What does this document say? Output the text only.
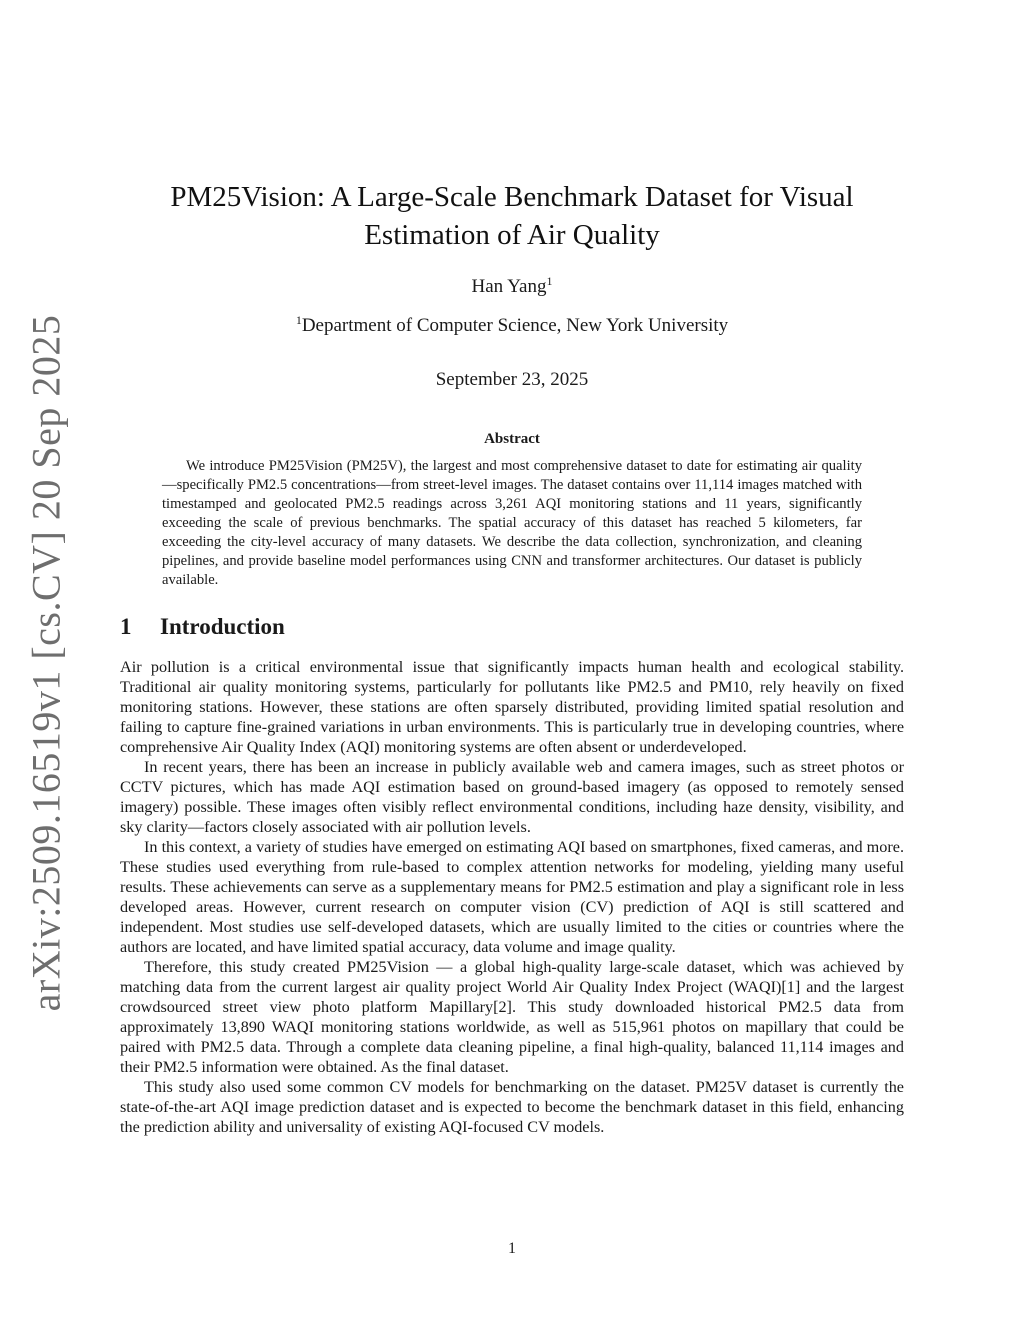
arXiv:2509.16519v1 [cs.CV] 20 Sep 2025
PM25Vision: A Large-Scale Benchmark Dataset for Visual
Estimation of Air Quality
Han Yang$^1$
$^1$Department of Computer Science, New York University
September 23, 2025
Abstract

We introduce PM25Vision (PM25V), the largest and most comprehensive dataset to date for estimating air quality—specifically PM2.5 concentrations—from street-level images. The dataset contains over 11,114 images matched with timestamped and geolocated PM2.5 readings across 3,261 AQI monitoring stations and 11 years, significantly exceeding the scale of previous benchmarks. The spatial accuracy of this dataset has reached 5 kilometers, far exceeding the city-level accuracy of many datasets. We describe the data collection, synchronization, and cleaning pipelines, and provide baseline model performances using CNN and transformer architectures. Our dataset is publicly available.

1 Introduction

Air pollution is a critical environmental issue that significantly impacts human health and ecological stability. Traditional air quality monitoring systems, particularly for pollutants like PM2.5 and PM10, rely heavily on fixed monitoring stations. However, these stations are often sparsely distributed, providing limited spatial resolution and failing to capture fine-grained variations in urban environments. This is particularly true in developing countries, where comprehensive Air Quality Index (AQI) monitoring systems are often absent or underdeveloped.

In recent years, there has been an increase in publicly available web and camera images, such as street photos or CCTV pictures, which has made AQI estimation based on ground-based imagery (as opposed to remotely sensed imagery) possible. These images often visibly reflect environmental conditions, including haze density, visibility, and sky clarity—factors closely associated with air pollution levels.

In this context, a variety of studies have emerged on estimating AQI based on smartphones, fixed cameras, and more. These studies used everything from rule-based to complex attention networks for modeling, yielding many useful results. These achievements can serve as a supplementary means for PM2.5 estimation and play a significant role in less developed areas. However, current research on computer vision (CV) prediction of AQI is still scattered and independent. Most studies use self-developed datasets, which are usually limited to the cities or countries where the authors are located, and have limited spatial accuracy, data volume and image quality.

Therefore, this study created PM25Vision — a global high-quality large-scale dataset, which was achieved by matching data from the current largest air quality project World Air Quality Index Project (WAQI)[1] and the largest crowdsourced street view photo platform Mapillary[2]. This study downloaded historical PM2.5 data from approximately 13,890 WAQI monitoring stations worldwide, as well as 515,961 photos on mapillary that could be paired with PM2.5 data. Through a complete data cleaning pipeline, a final high-quality, balanced 11,114 images and their PM2.5 information were obtained. As the final dataset.

This study also used some common CV models for benchmarking on the dataset. PM25V dataset is currently the state-of-the-art AQI image prediction dataset and is expected to become the benchmark dataset in this field, enhancing the prediction ability and universality of existing AQI-focused CV models.

1
